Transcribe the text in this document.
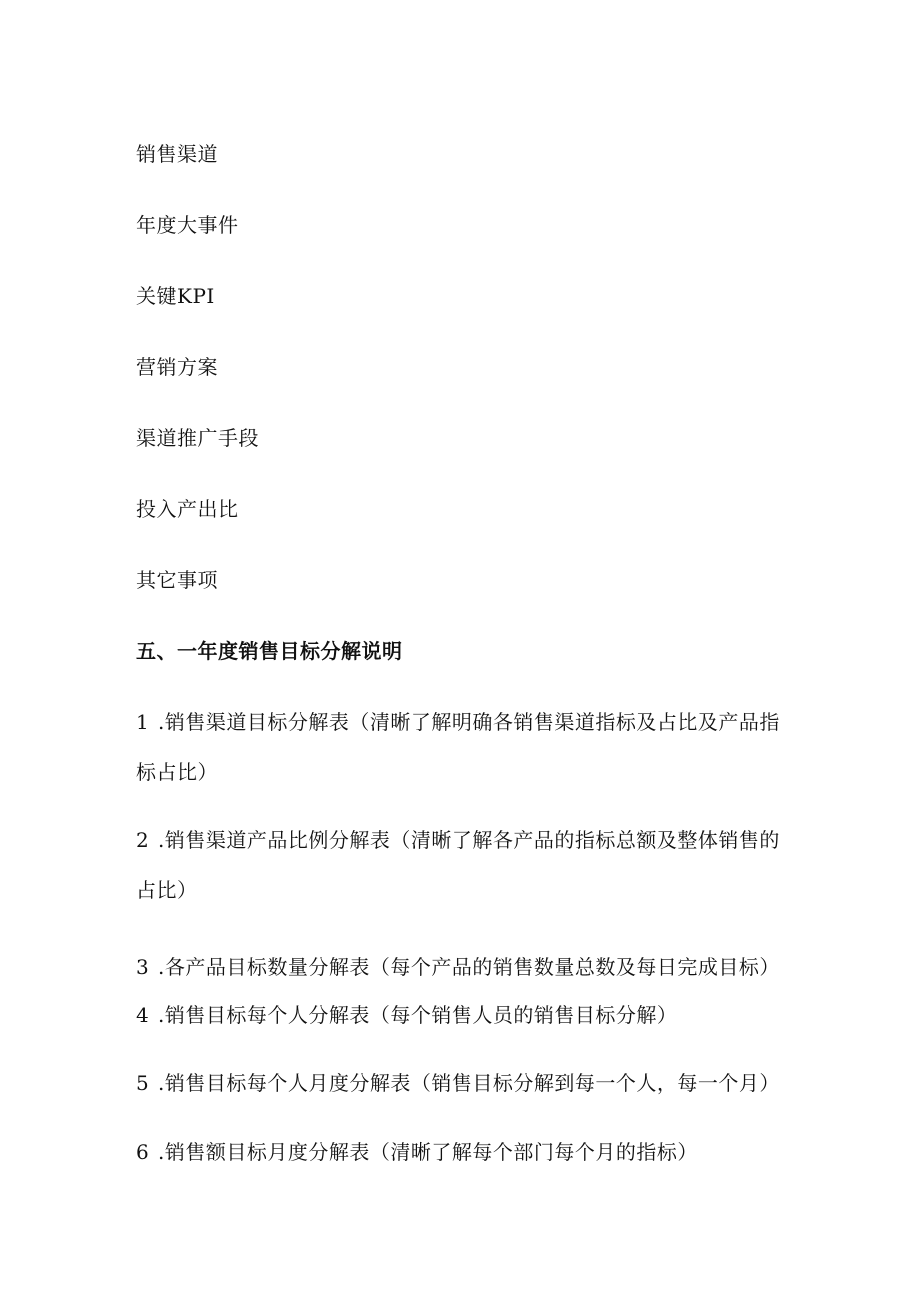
销售渠道
年度大事件
关键KPI
营销方案
渠道推广手段
投入产出比
其它事项
五、一年度销售目标分解说明
1 .销售渠道目标分解表（清晰了解明确各销售渠道指标及占比及产品指标占比）
2 .销售渠道产品比例分解表（清晰了解各产品的指标总额及整体销售的占比）
3 .各产品目标数量分解表（每个产品的销售数量总数及每日完成目标）
4 .销售目标每个人分解表（每个销售人员的销售目标分解）
5 .销售目标每个人月度分解表（销售目标分解到每一个人，每一个月）
6 .销售额目标月度分解表（清晰了解每个部门每个月的指标）
